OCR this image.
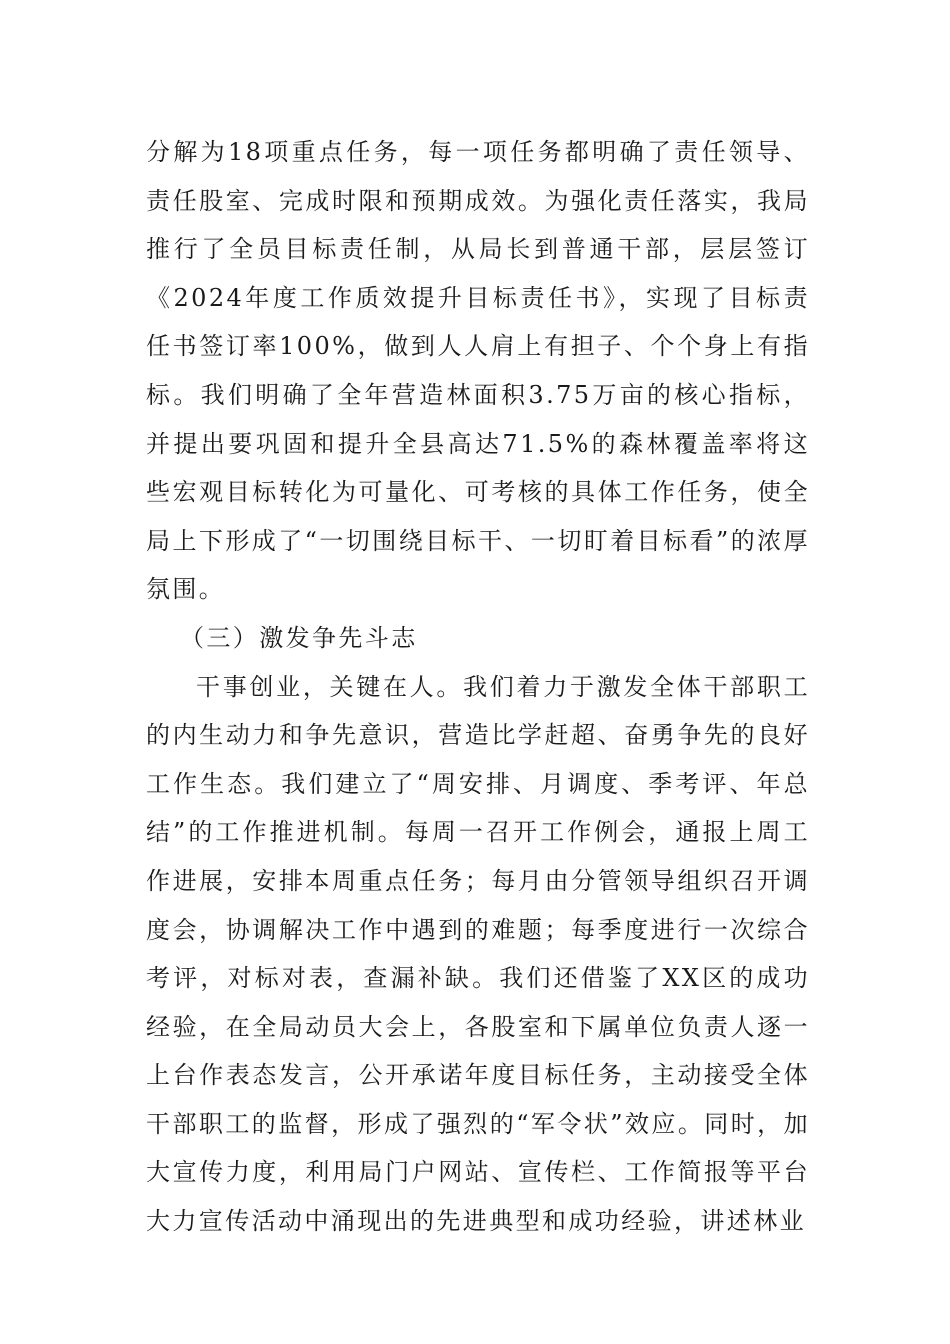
分解为18项重点任务，每一项任务都明确了责任领导、责任股室、完成时限和预期成效。为强化责任落实，我局推行了全员目标责任制，从局长到普通干部，层层签订《2024年度工作质效提升目标责任书》，实现了目标责任书签订率100%，做到人人肩上有担子、个个身上有指标。我们明确了全年营造林面积3.75万亩的核心指标，并提出要巩固和提升全县高达71.5%的森林覆盖率将这些宏观目标转化为可量化、可考核的具体工作任务，使全局上下形成了“一切围绕目标干、一切盯着目标看”的浓厚氛围。

（三）激发争先斗志

干事创业，关键在人。我们着力于激发全体干部职工的内生动力和争先意识，营造比学赶超、奋勇争先的良好工作生态。我们建立了“周安排、月调度、季考评、年总结”的工作推进机制。每周一召开工作例会，通报上周工作进展，安排本周重点任务；每月由分管领导组织召开调度会，协调解决工作中遇到的难题；每季度进行一次综合考评，对标对表，查漏补缺。我们还借鉴了XX区的成功经验，在全局动员大会上，各股室和下属单位负责人逐一上台作表态发言，公开承诺年度目标任务，主动接受全体干部职工的监督，形成了强烈的“军令状”效应。同时，加大宣传力度，利用局门户网站、宣传栏、工作简报等平台大力宣传活动中涌现出的先进典型和成功经验，讲述林业
